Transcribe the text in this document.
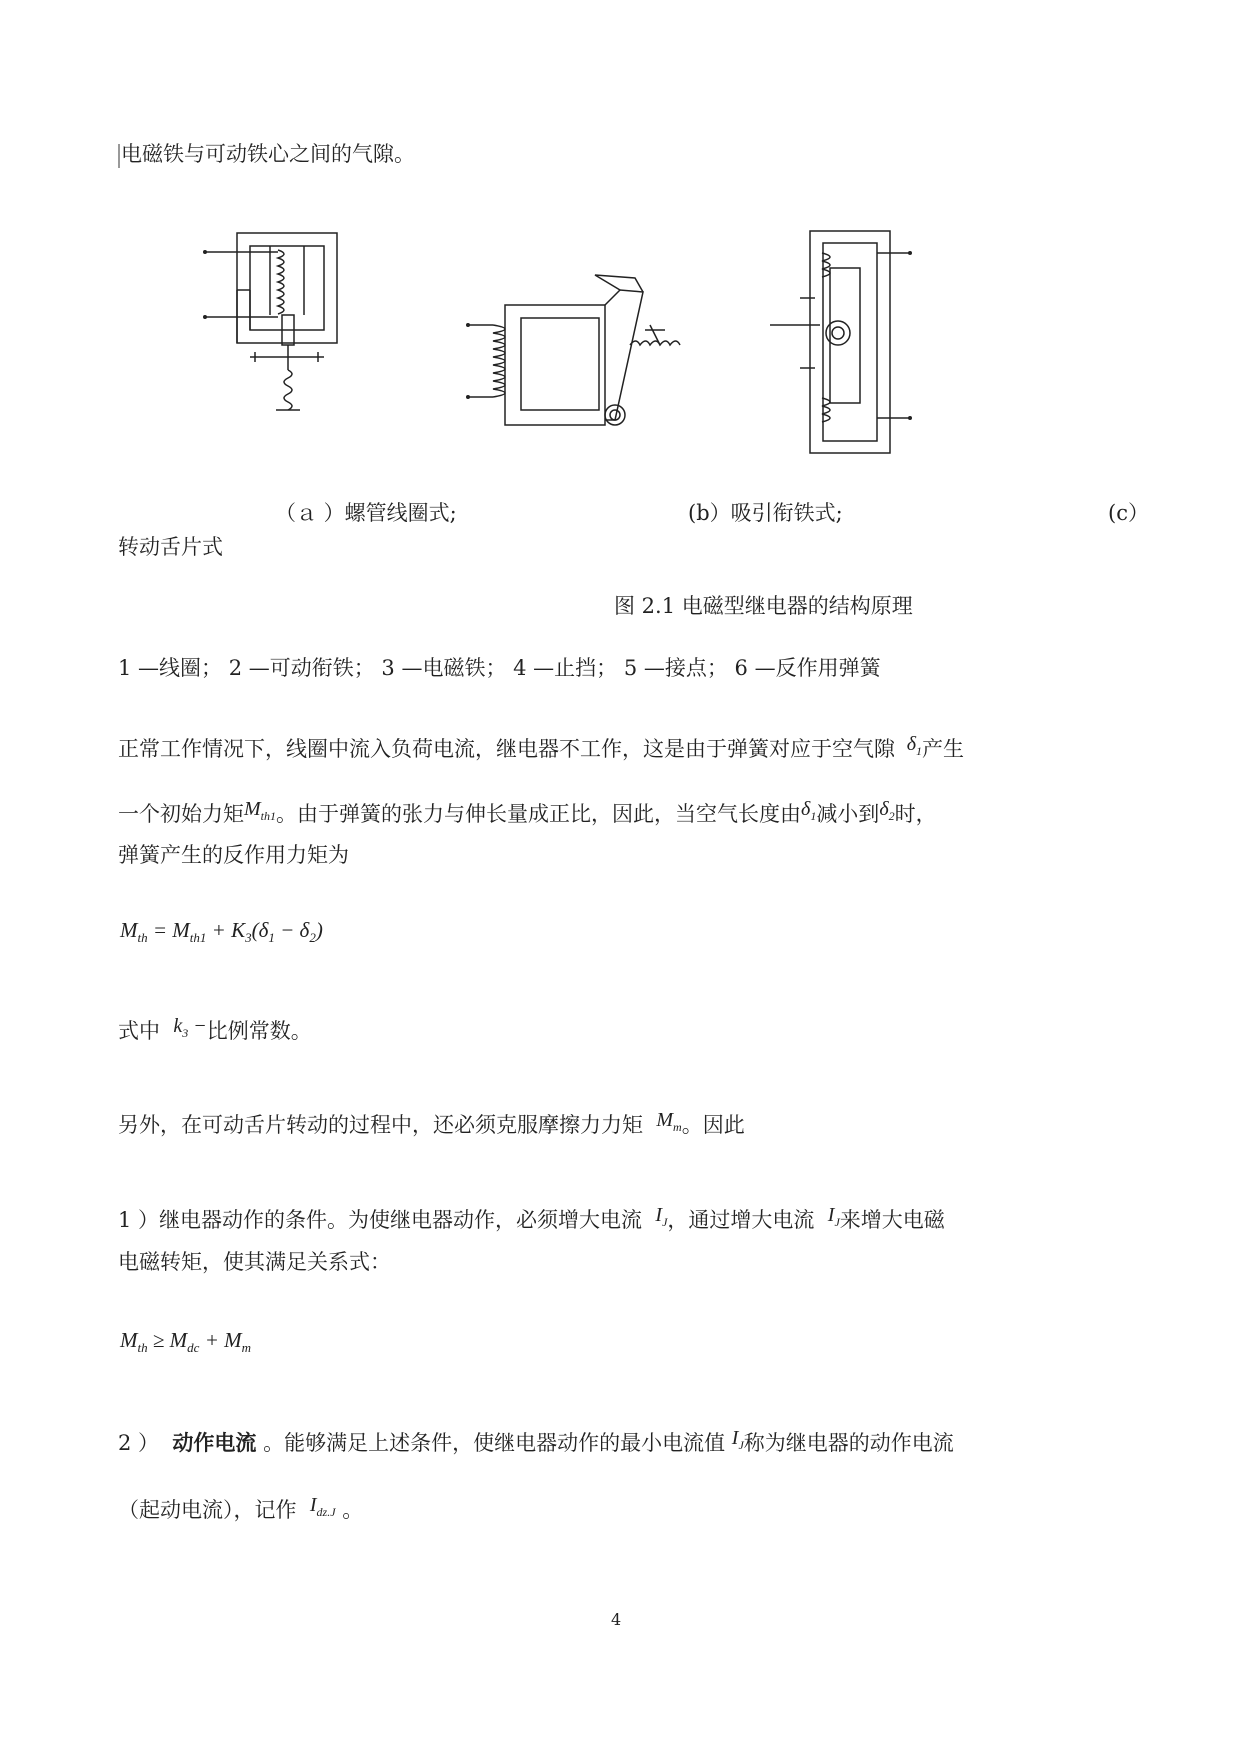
电磁铁与可动铁心之间的气隙。
（ａ ）螺管线圈式;	(b）吸引衔铁式;	(c）
转动舌片式
图 2.1 电磁型继电器的结构原理
1 —线圈； 2 —可动衔铁； 3 —电磁铁； 4 —止挡； 5 —接点； 6 —反作用弹簧
正常工作情况下，线圈中流入负荷电流，继电器不工作，这是由于弹簧对应于空气隙  $\delta_1$产生
一个初始力矩$M_{th1}$。由于弹簧的张力与伸长量成正比，因此，当空气长度由$\delta_1$减小到$\delta_2$时，
弹簧产生的反作用力矩为
$M_{th} = M_{th1} + K_3(\delta_1 - \delta_2)$
式中 $k_3$ −比例常数。
另外，在可动舌片转动的过程中，还必须克服摩擦力力矩 $M_m$。因此
1 ）继电器动作的条件。为使继电器动作，必须增大电流 $I_J$，通过增大电流 $I_J$来增大电磁
电磁转矩，使其满足关系式：
$M_{th} \ge M_{dc} + M_m$
2 ） 动作电流 。能够满足上述条件，使继电器动作的最小电流值 $I_J$称为继电器的动作电流
（起动电流），记作 $I_{dz.J}$ 。
4
